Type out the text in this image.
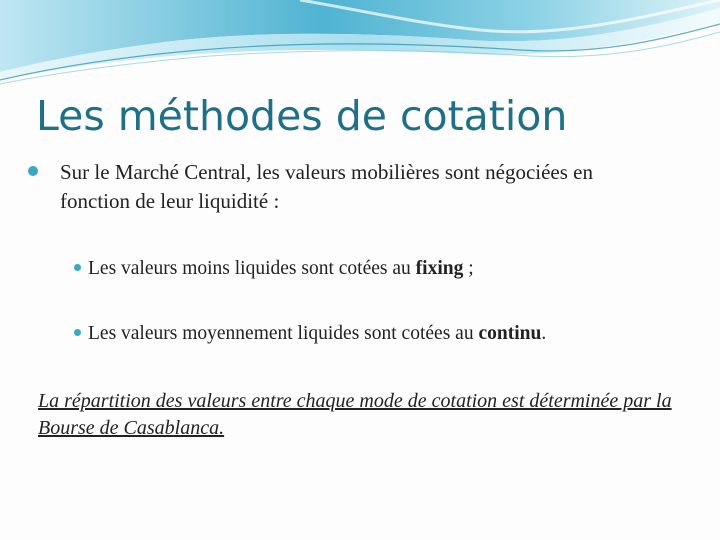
Les méthodes de cotation
Sur le Marché Central, les valeurs mobilières sont négociées en fonction de leur liquidité :
Les valeurs moins liquides sont cotées au fixing ;
Les valeurs moyennement liquides sont cotées au continu.
La répartition des valeurs entre chaque mode de cotation est déterminée par la Bourse de Casablanca.
